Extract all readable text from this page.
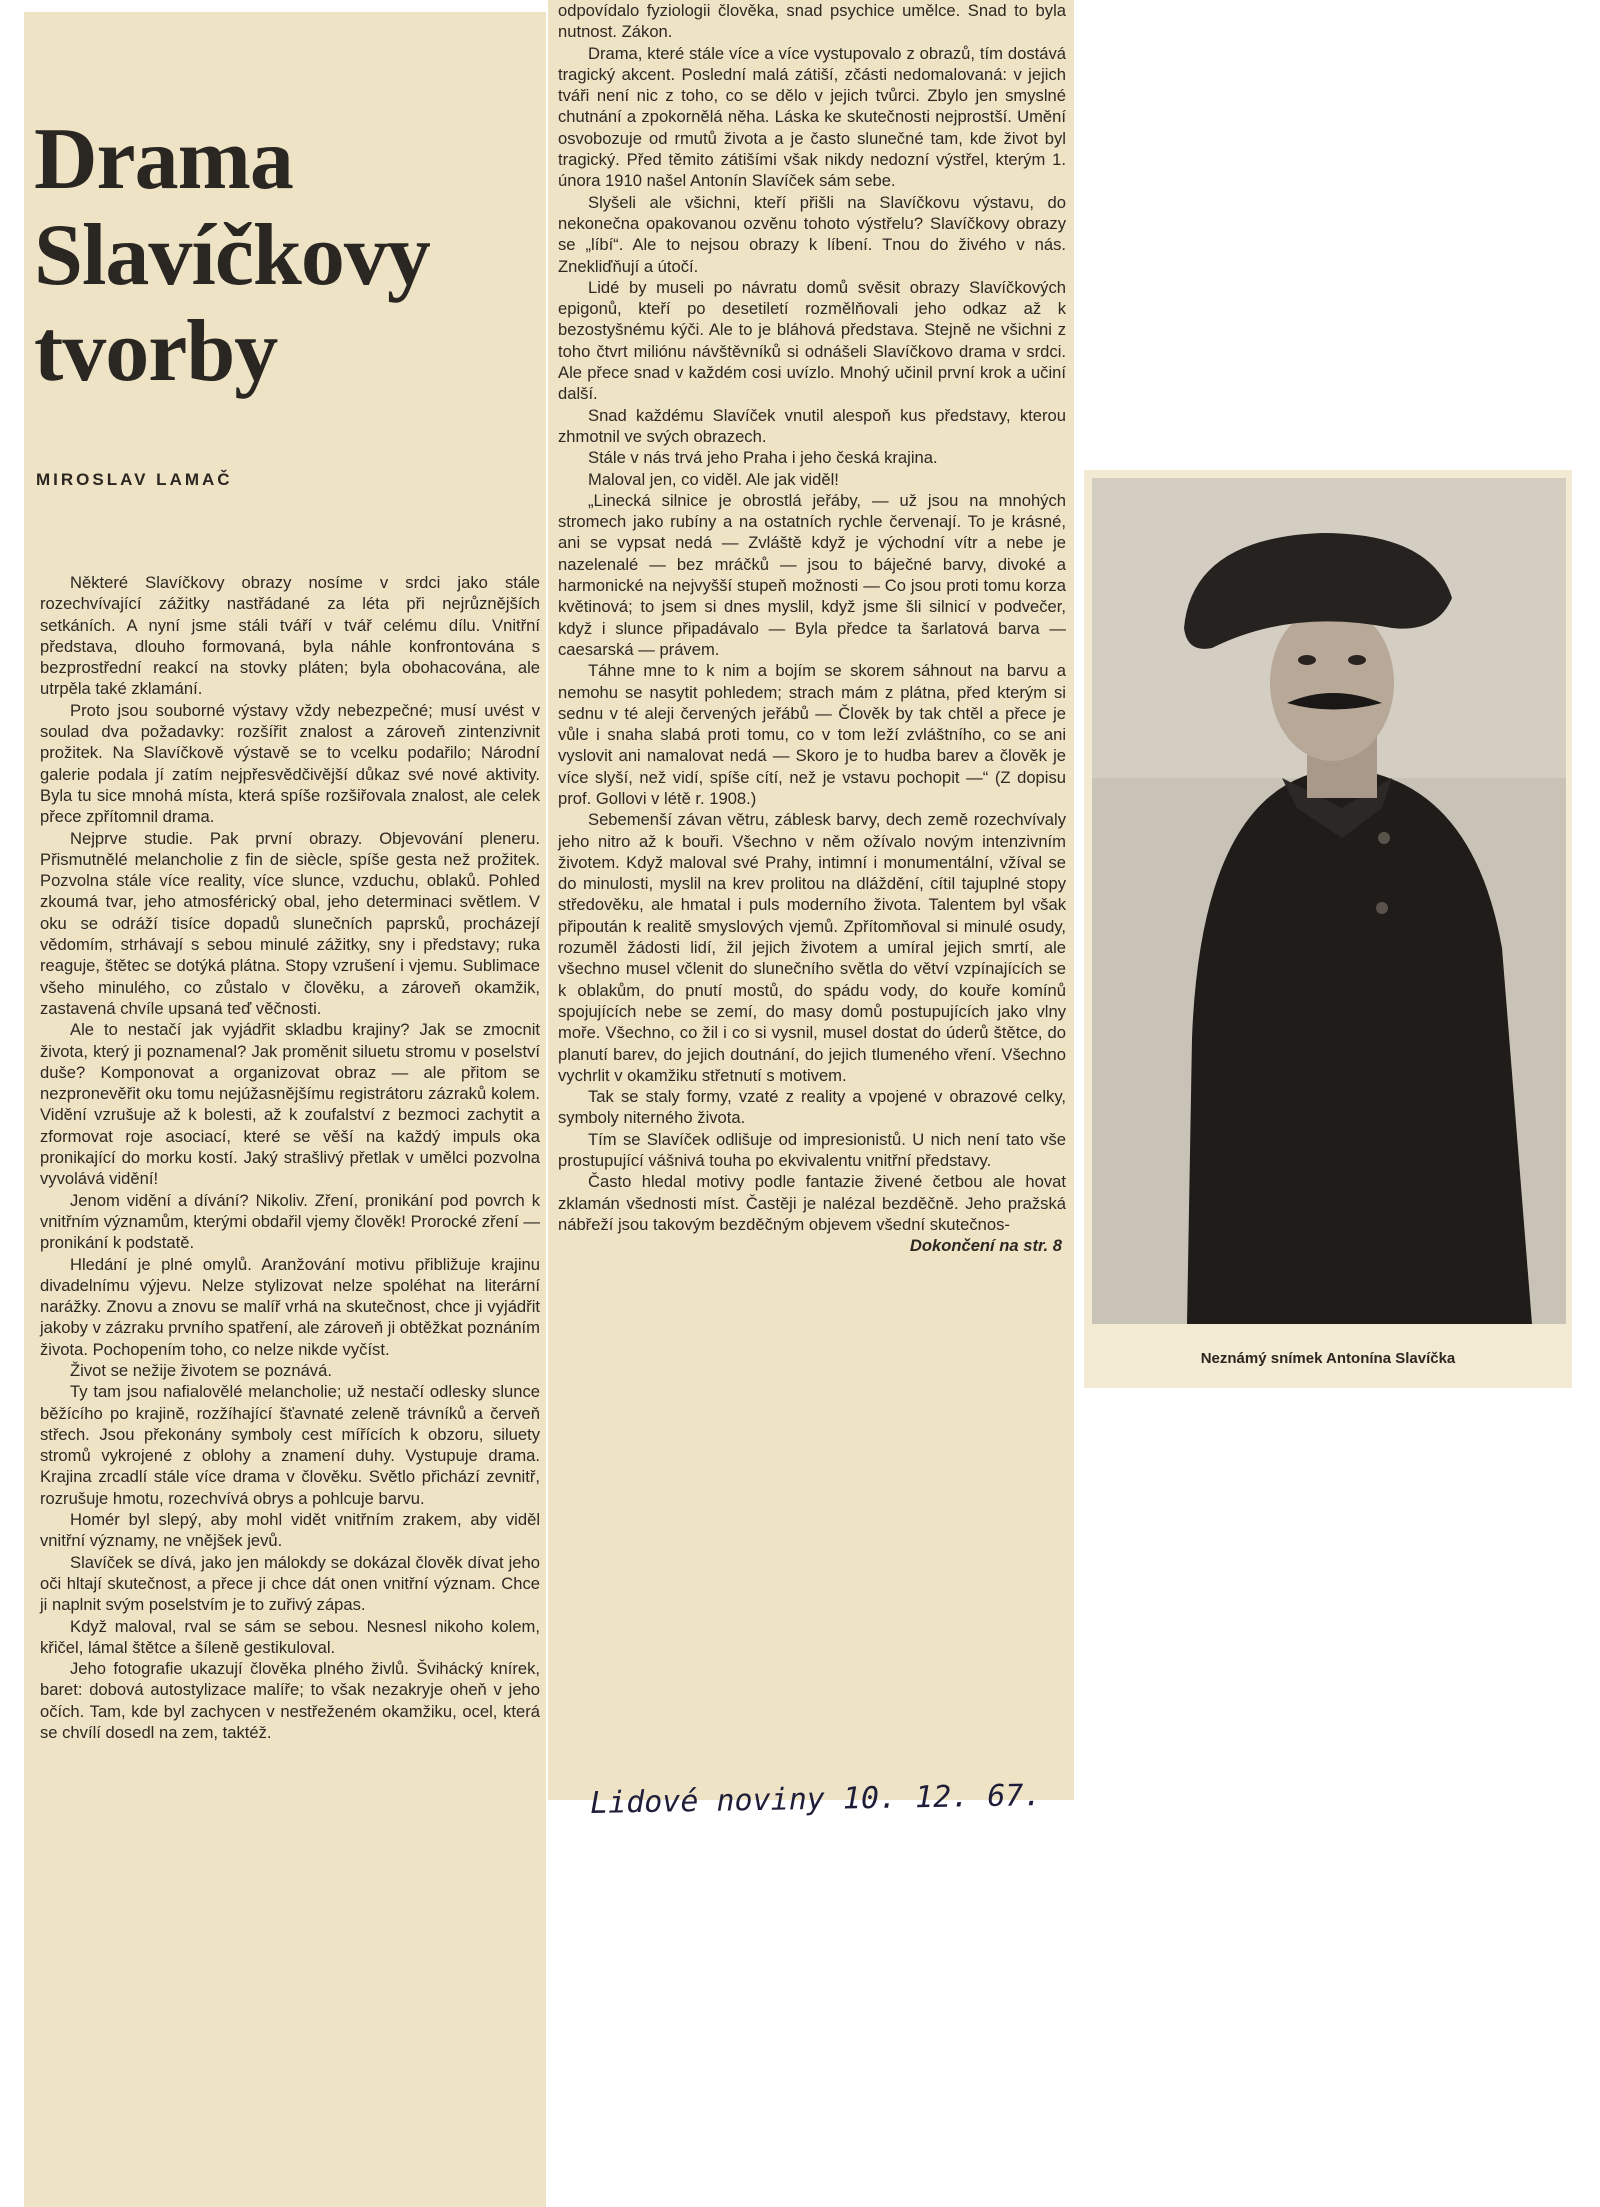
Drama
Slavíčkovy
tvorby
MIROSLAV LAMAČ

Některé Slavíčkovy obrazy nosíme v srdci jako stále rozechvívající zážitky nastřádané za léta při nejrůznějších setkáních. A nyní jsme stáli tváří v tvář celému dílu. Vnitřní představa, dlouho formovaná, byla náhle konfrontována s bezprostřední reakcí na stovky pláten; byla obohacována, ale utrpěla také zklamání.

Proto jsou souborné výstavy vždy nebezpečné; musí uvést v soulad dva požadavky: rozšířit znalost a zároveň zintenzivnit prožitek. Na Slavíčkově výstavě se to vcelku podařilo; Národní galerie podala jí zatím nejpřesvědčivější důkaz své nové aktivity. Byla tu sice mnohá místa, která spíše rozšiřovala znalost, ale celek přece zpřítomnil drama.

Nejprve studie. Pak první obrazy. Objevování pleneru. Přismutnělé melancholie z fin de siècle, spíše gesta než prožitek. Pozvolna stále více reality, více slunce, vzduchu, oblaků. Pohled zkoumá tvar, jeho atmosférický obal, jeho determinaci světlem. V oku se odráží tisíce dopadů slunečních paprsků, procházejí vědomím, strhávají s sebou minulé zážitky, sny i představy; ruka reaguje, štětec se dotýká plátna. Stopy vzrušení i vjemu. Sublimace všeho minulého, co zůstalo v člověku, a zároveň okamžik, zastavená chvíle upsaná teď věčnosti.

Ale to nestačí jak vyjádřit skladbu krajiny? Jak se zmocnit života, který ji poznamenal? Jak proměnit siluetu stromu v poselství duše? Komponovat a organizovat obraz — ale přitom se nezpronevěřit oku tomu nejúžasnějšímu registrátoru zázraků kolem. Vidění vzrušuje až k bolesti, až k zoufalství z bezmoci zachytit a zformovat roje asociací, které se věší na každý impuls oka pronikající do morku kostí. Jaký strašlivý přetlak v umělci pozvolna vyvolává vidění!

Jenom vidění a dívání? Nikoliv. Zření, pronikání pod povrch k vnitřním významům, kterými obdařil vjemy člověk! Prorocké zření — pronikání k podstatě.

Hledání je plné omylů. Aranžování motivu přibližuje krajinu divadelnímu výjevu. Nelze stylizovat nelze spoléhat na literární narážky. Znovu a znovu se malíř vrhá na skutečnost, chce ji vyjádřit jakoby v zázraku prvního spatření, ale zároveň ji obtěžkat poznáním života. Pochopením toho, co nelze nikde vyčíst.

Život se nežije životem se poznává.

Ty tam jsou nafialovělé melancholie; už nestačí odlesky slunce běžícího po krajině, rozžíhající šťavnaté zeleně trávníků a červeň střech. Jsou překonány symboly cest mířících k obzoru, siluety stromů vykrojené z oblohy a znamení duhy. Vystupuje drama. Krajina zrcadlí stále více drama v člověku. Světlo přichází zevnitř, rozrušuje hmotu, rozechvívá obrys a pohlcuje barvu.

Homér byl slepý, aby mohl vidět vnitřním zrakem, aby viděl vnitřní významy, ne vnějšek jevů.

Slavíček se dívá, jako jen málokdy se dokázal člověk dívat jeho oči hltají skutečnost, a přece ji chce dát onen vnitřní význam. Chce ji naplnit svým poselstvím je to zuřivý zápas.

Když maloval, rval se sám se sebou. Nesnesl nikoho kolem, křičel, lámal štětce a šíleně gestikuloval.

Jeho fotografie ukazují člověka plného živlů. Švihácký knírek, baret: dobová autostylizace malíře; to však nezakryje oheň v jeho očích. Tam, kde byl zachycen v nestřeženém okamžiku, ocel, která se chvílí dosedl na zem, taktéž.

odpovídalo fyziologii člověka, snad psychice umělce. Snad to byla nutnost. Zákon.

Drama, které stále více a více vystupovalo z obrazů, tím dostává tragický akcent. Poslední malá zátiší, zčásti nedomalovaná: v jejich tváři není nic z toho, co se dělo v jejich tvůrci. Zbylo jen smyslné chutnání a zpokornělá něha. Láska ke skutečnosti nejprostší. Umění osvobozuje od rmutů života a je často slunečné tam, kde život byl tragický. Před těmito zátišími však nikdy nedozní výstřel, kterým 1. února 1910 našel Antonín Slavíček sám sebe.

Slyšeli ale všichni, kteří přišli na Slavíčkovu výstavu, do nekonečna opakovanou ozvěnu tohoto výstřelu? Slavíčkovy obrazy se „líbí“. Ale to nejsou obrazy k líbení. Tnou do živého v nás. Znekliďňují a útočí.

Lidé by museli po návratu domů svěsit obrazy Slavíčkových epigonů, kteří po desetiletí rozmělňovali jeho odkaz až k bezostyšnému kýči. Ale to je bláhová představa. Stejně ne všichni z toho čtvrt miliónu návštěvníků si odnášeli Slavíčkovo drama v srdci. Ale přece snad v každém cosi uvízlo. Mnohý učinil první krok a učiní další.

Snad každému Slavíček vnutil alespoň kus představy, kterou zhmotnil ve svých obrazech.

Stále v nás trvá jeho Praha i jeho česká krajina.

Maloval jen, co viděl. Ale jak viděl!

„Linecká silnice je obrostlá jeřáby, — už jsou na mnohých stromech jako rubíny a na ostatních rychle červenají. To je krásné, ani se vypsat nedá — Zvláště když je východní vítr a nebe je nazelenalé — bez mráčků — jsou to báječné barvy, divoké a harmonické na nejvyšší stupeň možnosti — Co jsou proti tomu korza květinová; to jsem si dnes myslil, když jsme šli silnicí v podvečer, když i slunce připadávalo — Byla předce ta šarlatová barva — caesarská — právem.

Táhne mne to k nim a bojím se skorem sáhnout na barvu a nemohu se nasytit pohledem; strach mám z plátna, před kterým si sednu v té aleji červených jeřábů — Člověk by tak chtěl a přece je vůle i snaha slabá proti tomu, co v tom leží zvláštního, co se ani vyslovit ani namalovat nedá — Skoro je to hudba barev a člověk je více slyší, než vidí, spíše cítí, než je vstavu pochopit —“ (Z dopisu prof. Gollovi v létě r. 1908.)

Sebemenší závan větru, záblesk barvy, dech země rozechvívaly jeho nitro až k bouři. Všechno v něm ožívalo novým intenzivním životem. Když maloval své Prahy, intimní i monumentální, vžíval se do minulosti, myslil na krev prolitou na dláždění, cítil tajuplné stopy středověku, ale hmatal i puls moderního života. Talentem byl však připoután k realitě smyslových vjemů. Zpřítomňoval si minulé osudy, rozuměl žádosti lidí, žil jejich životem a umíral jejich smrtí, ale všechno musel včlenit do slunečního světla do větví vzpínajících se k oblakům, do pnutí mostů, do spádu vody, do kouře komínů spojujících nebe se zemí, do masy domů postupujících jako vlny moře. Všechno, co žil i co si vysnil, musel dostat do úderů štětce, do planutí barev, do jejich doutnání, do jejich tlumeného vření. Všechno vychrlit v okamžiku střetnutí s motivem.

Tak se staly formy, vzaté z reality a vpojené v obrazové celky, symboly niterného života.

Tím se Slavíček odlišuje od impresionistů. U nich není tato vše prostupující vášnivá touha po ekvivalentu vnitřní představy.

Často hledal motivy podle fantazie živené četbou ale hovat zklamán všednosti míst. Častěji je nalézal bezděčně. Jeho pražská nábřeží jsou takovým bezděčným objevem všední skutečnos-

Dokončení na str. 8
Neznámý snímek Antonína Slavíčka
Lidové noviny 10. 12. 67.
